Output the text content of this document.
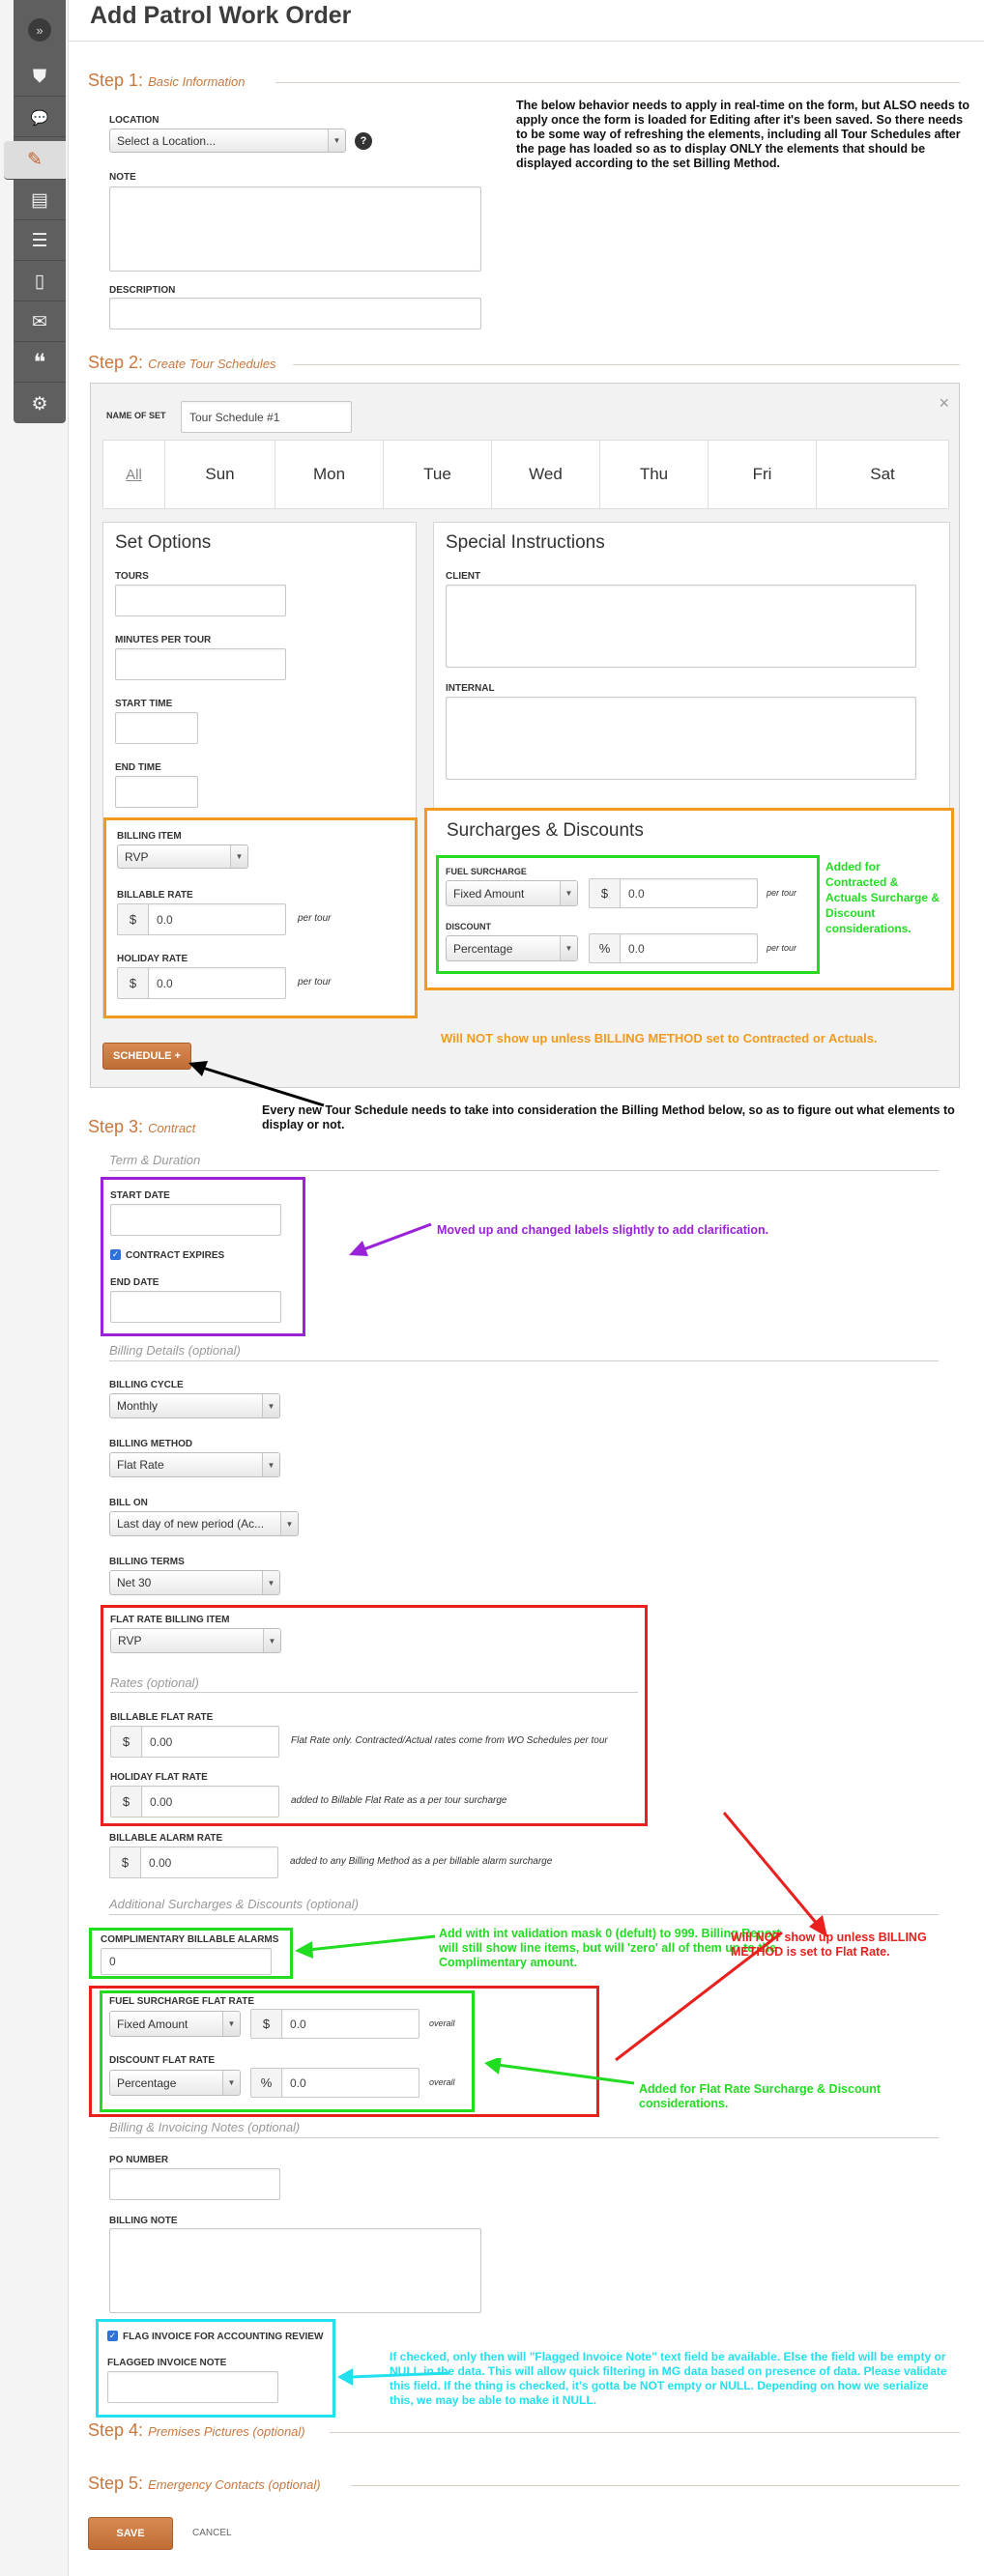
»
⛊
💬
✎
▤
☰
▯
✉
❝
⚙
Add Patrol Work Order
Step 1: Basic Information
LOCATION
Select a Location...	▼	?
NOTE
DESCRIPTION
The below behavior needs to apply in real-time on the form, but ALSO needs to apply once the form is loaded for Editing after it's been saved. So there needs to be some way of refreshing the elements, including all Tour Schedules after the page has loaded so as to display ONLY the elements that should be displayed according to the set Billing Method.
Step 2: Create Tour Schedules
NAME OF SET	Tour Schedule #1
×
All	Sun	Mon	Tue	Wed	Thu	Fri	Sat
Set Options
TOURS
MINUTES PER TOUR
START TIME
END TIME
Special Instructions
CLIENT
INTERNAL
BILLING ITEM
RVP	▼
BILLABLE RATE
$	0.0	per tour
HOLIDAY RATE
$	0.0	per tour
Surcharges & Discounts
FUEL SURCHARGE
Fixed Amount	▼	$	0.0	per tour
DISCOUNT
Percentage	▼	%	0.0	per tour
Added for Contracted & Actuals Surcharge & Discount considerations.
Will NOT show up unless BILLING METHOD set to Contracted or Actuals.
SCHEDULE +
Every new Tour Schedule needs to take into consideration the Billing Method below, so as to figure out what elements to display or not.
Step 3: Contract
Term & Duration
START DATE
✓ CONTRACT EXPIRES
END DATE
Moved up and changed labels slightly to add clarification.
Billing Details (optional)
BILLING CYCLE
Monthly	▼
BILLING METHOD
Flat Rate	▼
BILL ON
Last day of new period (Ac...	▼
BILLING TERMS
Net 30	▼
FLAT RATE BILLING ITEM
RVP	▼
Rates (optional)
BILLABLE FLAT RATE
$	0.00	Flat Rate only. Contracted/Actual rates come from WO Schedules per tour
HOLIDAY FLAT RATE
$	0.00	added to Billable Flat Rate as a per tour surcharge
BILLABLE ALARM RATE
$	0.00	added to any Billing Method as a per billable alarm surcharge
Additional Surcharges & Discounts (optional)
COMPLIMENTARY BILLABLE ALARMS
0
Add with int validation mask 0 (defult) to 999. Billing Report will still show line items, but will 'zero' all of them up to the Complimentary amount.
FUEL SURCHARGE FLAT RATE
Fixed Amount	▼	$	0.0	overall
DISCOUNT FLAT RATE
Percentage	▼	%	0.0	overall
Will NOT show up unless BILLING METHOD is set to Flat Rate.
Added for Flat Rate Surcharge & Discount considerations.
Billing & Invoicing Notes (optional)
PO NUMBER
BILLING NOTE
✓ FLAG INVOICE FOR ACCOUNTING REVIEW
FLAGGED INVOICE NOTE	If checked, only then will "Flagged Invoice Note" text field be available. Else the field will be empty or NULL in the data. This will allow quick filtering in MG data based on presence of data. Please validate this field. If the thing is checked, it's gotta be NOT empty or NULL. Depending on how we serialize this, we may be able to make it NULL.
Step 4: Premises Pictures (optional)
Step 5: Emergency Contacts (optional)
SAVE	CANCEL
